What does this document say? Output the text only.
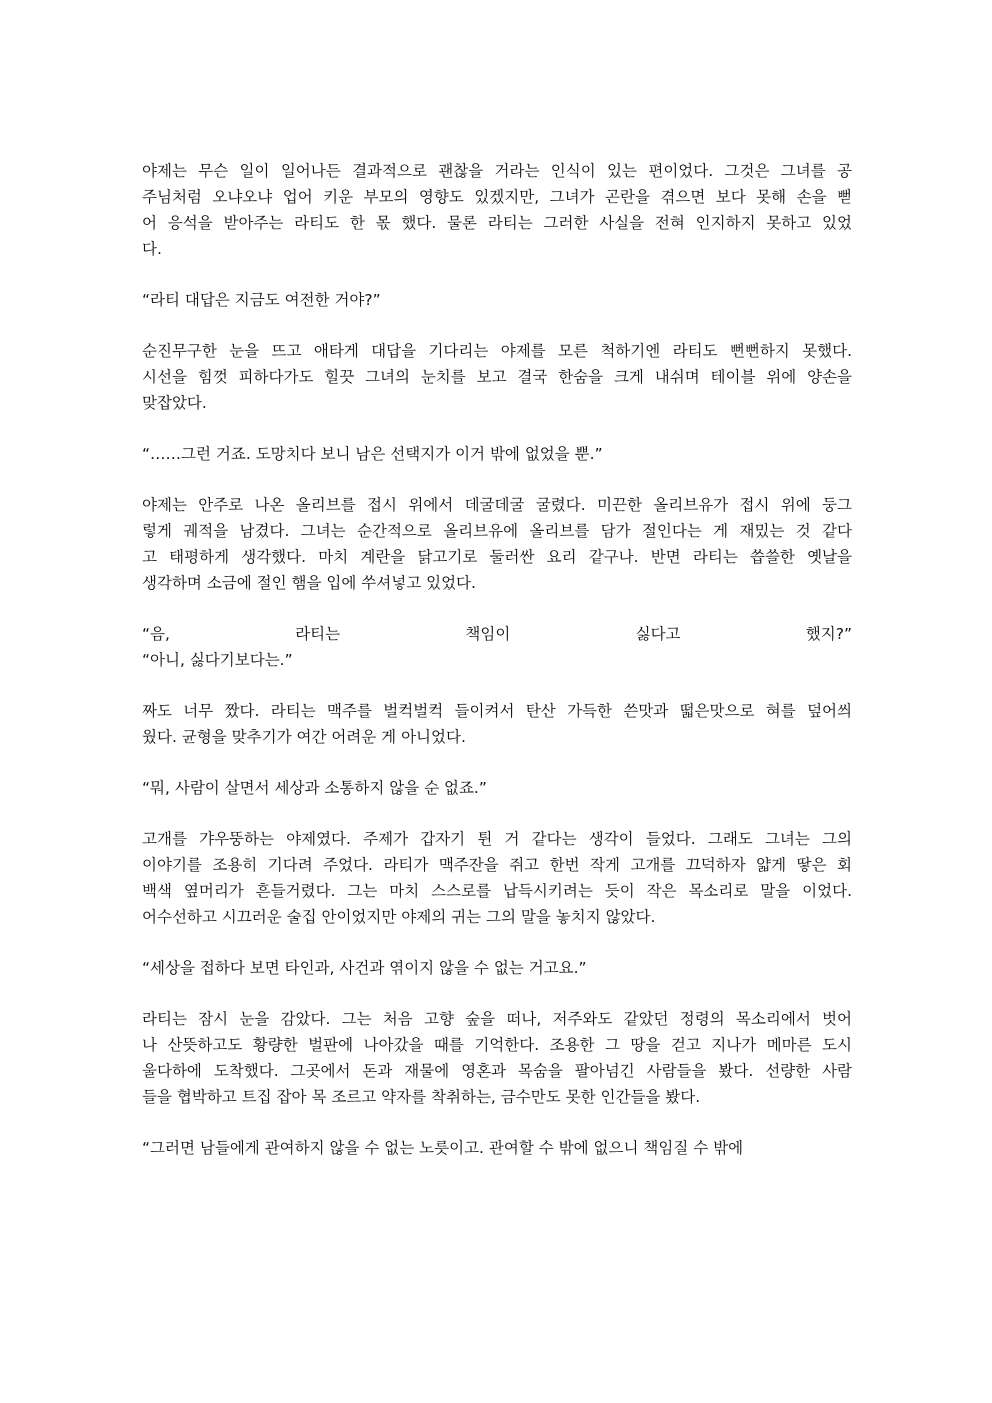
야제는 무슨 일이 일어나든 결과적으로 괜찮을 거라는 인식이 있는 편이었다. 그것은 그녀를 공
주님처럼 오냐오냐 업어 키운 부모의 영향도 있겠지만, 그녀가 곤란을 겪으면 보다 못해 손을 뻗
어 응석을 받아주는 라티도 한 몫 했다. 물론 라티는 그러한 사실을 전혀 인지하지 못하고 있었
다.
“라티 대답은 지금도 여전한 거야?”
순진무구한 눈을 뜨고 애타게 대답을 기다리는 야제를 모른 척하기엔 라티도 뻔뻔하지 못했다.
시선을 힘껏 피하다가도 힐끗 그녀의 눈치를 보고 결국 한숨을 크게 내쉬며 테이블 위에 양손을
맞잡았다.
“……그런 거죠. 도망치다 보니 남은 선택지가 이거 밖에 없었을 뿐.”
야제는 안주로 나온 올리브를 접시 위에서 데굴데굴 굴렸다. 미끈한 올리브유가 접시 위에 둥그
렇게 궤적을 남겼다. 그녀는 순간적으로 올리브유에 올리브를 담가 절인다는 게 재밌는 것 같다
고 태평하게 생각했다. 마치 계란을 닭고기로 둘러싼 요리 같구나. 반면 라티는 씁쓸한 옛날을
생각하며 소금에 절인 햄을 입에 쑤셔넣고 있었다.
“음, 라티는 책임이 싫다고 했지?”
“아니, 싫다기보다는.”
짜도 너무 짰다. 라티는 맥주를 벌컥벌컥 들이켜서 탄산 가득한 쓴맛과 떫은맛으로 혀를 덮어씌
웠다. 균형을 맞추기가 여간 어려운 게 아니었다.
“뭐, 사람이 살면서 세상과 소통하지 않을 순 없죠.”
고개를 갸우뚱하는 야제였다. 주제가 갑자기 튄 거 같다는 생각이 들었다. 그래도 그녀는 그의
이야기를 조용히 기다려 주었다. 라티가 맥주잔을 쥐고 한번 작게 고개를 끄덕하자 얇게 땋은 회
백색 옆머리가 흔들거렸다. 그는 마치 스스로를 납득시키려는 듯이 작은 목소리로 말을 이었다.
어수선하고 시끄러운 술집 안이었지만 야제의 귀는 그의 말을 놓치지 않았다.
“세상을 접하다 보면 타인과, 사건과 엮이지 않을 수 없는 거고요.”
라티는 잠시 눈을 감았다. 그는 처음 고향 숲을 떠나, 저주와도 같았던 정령의 목소리에서 벗어
나 산뜻하고도 황량한 벌판에 나아갔을 때를 기억한다. 조용한 그 땅을 걷고 지나가 메마른 도시
울다하에 도착했다. 그곳에서 돈과 재물에 영혼과 목숨을 팔아넘긴 사람들을 봤다. 선량한 사람
들을 협박하고 트집 잡아 목 조르고 약자를 착취하는, 금수만도 못한 인간들을 봤다.
“그러면 남들에게 관여하지 않을 수 없는 노릇이고. 관여할 수 밖에 없으니 책임질 수 밖에
